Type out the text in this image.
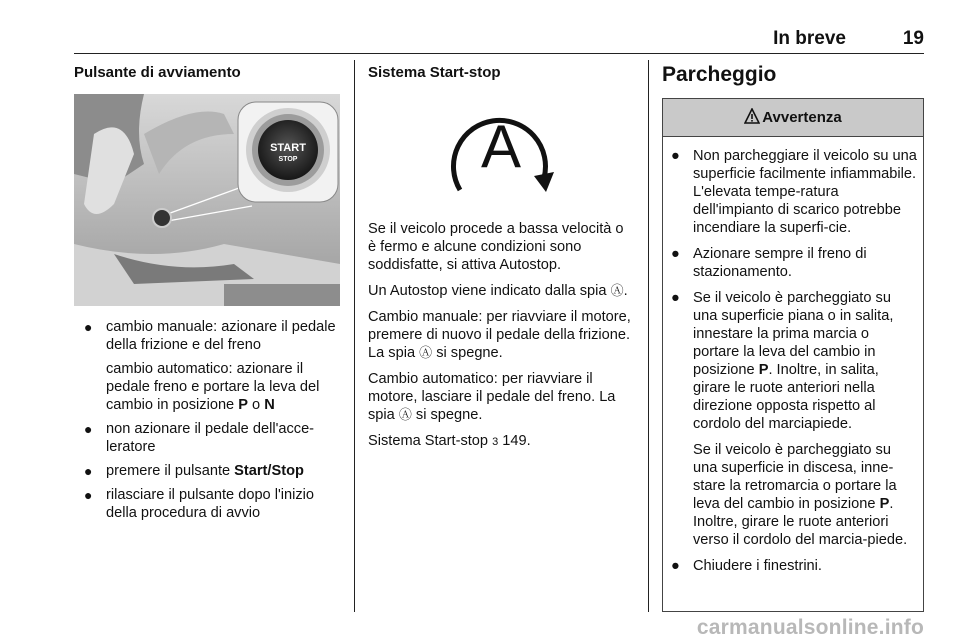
In breve	19
Pulsante di avviamento
START
STOP
● cambio manuale: azionare il pedale della frizione e del freno

cambio automatico: azionare il pedale freno e portare la leva del cambio in posizione P o N

● non azionare il pedale dell'acce-leratore

● premere il pulsante Start/Stop

● rilasciare il pulsante dopo l'inizio della procedura di avvio

Sistema Start-stop
A

Se il veicolo procede a bassa velocità o è fermo e alcune condizioni sono soddisfatte, si attiva Autostop.

Un Autostop viene indicato dalla spia Ⓐ.

Cambio manuale: per riavviare il motore, premere di nuovo il pedale della frizione. La spia Ⓐ si spegne.

Cambio automatico: per riavviare il motore, lasciare il pedale del freno. La spia Ⓐ si spegne.

Sistema Start-stop 3 149.

Parcheggio
Avvertenza
● Non parcheggiare il veicolo su una superficie facilmente infiammabile. L'elevata tempe-ratura dell'impianto di scarico potrebbe incendiare la superfi-cie.

● Azionare sempre il freno di stazionamento.

● Se il veicolo è parcheggiato su una superficie piana o in salita, innestare la prima marcia o portare la leva del cambio in posizione P. Inoltre, in salita, girare le ruote anteriori nella direzione opposta rispetto al cordolo del marciapiede.

Se il veicolo è parcheggiato su una superficie in discesa, inne-stare la retromarcia o portare la leva del cambio in posizione P. Inoltre, girare le ruote anteriori verso il cordolo del marcia-piede.

● Chiudere i finestrini.

carmanualsonline.info
